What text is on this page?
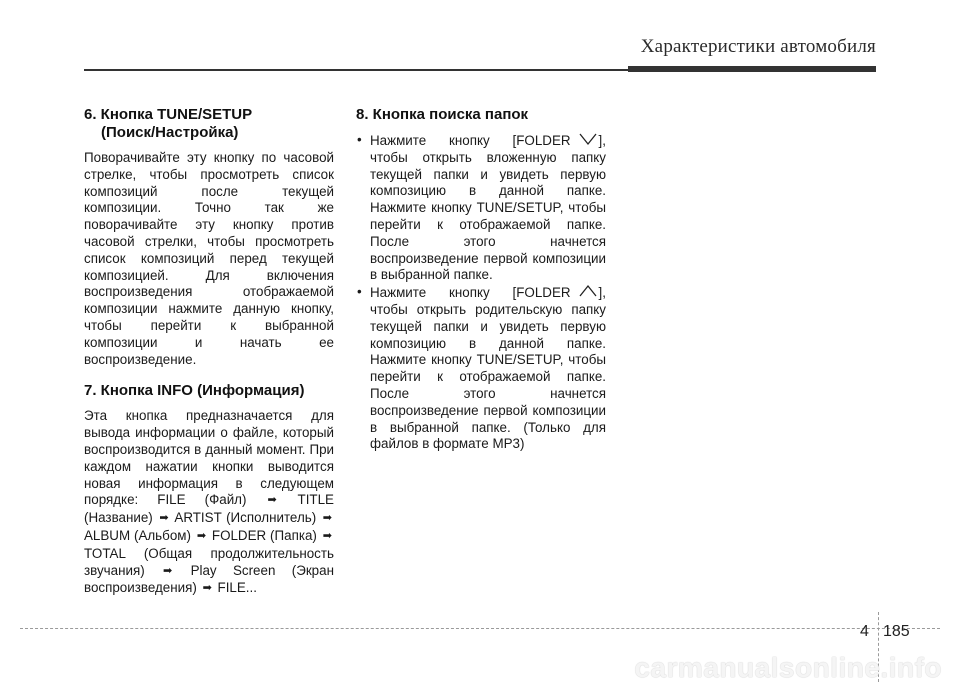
Характеристики автомобиля
6. Кнопка TUNE/SETUP
(Поиск/Настройка)

Поворачивайте эту кнопку по часовой стрелке, чтобы просмотреть список композиций после текущей композиции. Точно так же поворачивайте эту кнопку против часовой стрелки, чтобы просмотреть список композиций перед текущей композицией. Для включения воспроизведения отображаемой композиции нажмите данную кнопку, чтобы перейти к выбранной композиции и начать ее воспроизведение.

7. Кнопка INFO (Информация)

Эта кнопка предназначается для вывода информации о файле, который воспроизводится в данный момент. При каждом нажатии кнопки выводится новая информация в следующем порядке: FILE (Файл) ➡ TITLE (Название) ➡ ARTIST (Исполнитель) ➡ ALBUM (Альбом) ➡ FOLDER (Папка) ➡ TOTAL (Общая продолжительность звучания) ➡ Play Screen (Экран воспроизведения) ➡ FILE...

8. Кнопка поиска папок
• Нажмите кнопку [FOLDER ], чтобы открыть вложенную папку текущей папки и увидеть первую композицию в данной папке. Нажмите кнопку TUNE/SETUP, чтобы перейти к отображаемой папке. После этого начнется воспроизведение первой композиции в выбранной папке.
• Нажмите кнопку [FOLDER ], чтобы открыть родительскую папку текущей папки и увидеть первую композицию в данной папке. Нажмите кнопку TUNE/SETUP, чтобы перейти к отображаемой папке. После этого начнется воспроизведение первой композиции в выбранной папке. (Только для файлов в формате MP3)
4 185
carmanualsonline.info
